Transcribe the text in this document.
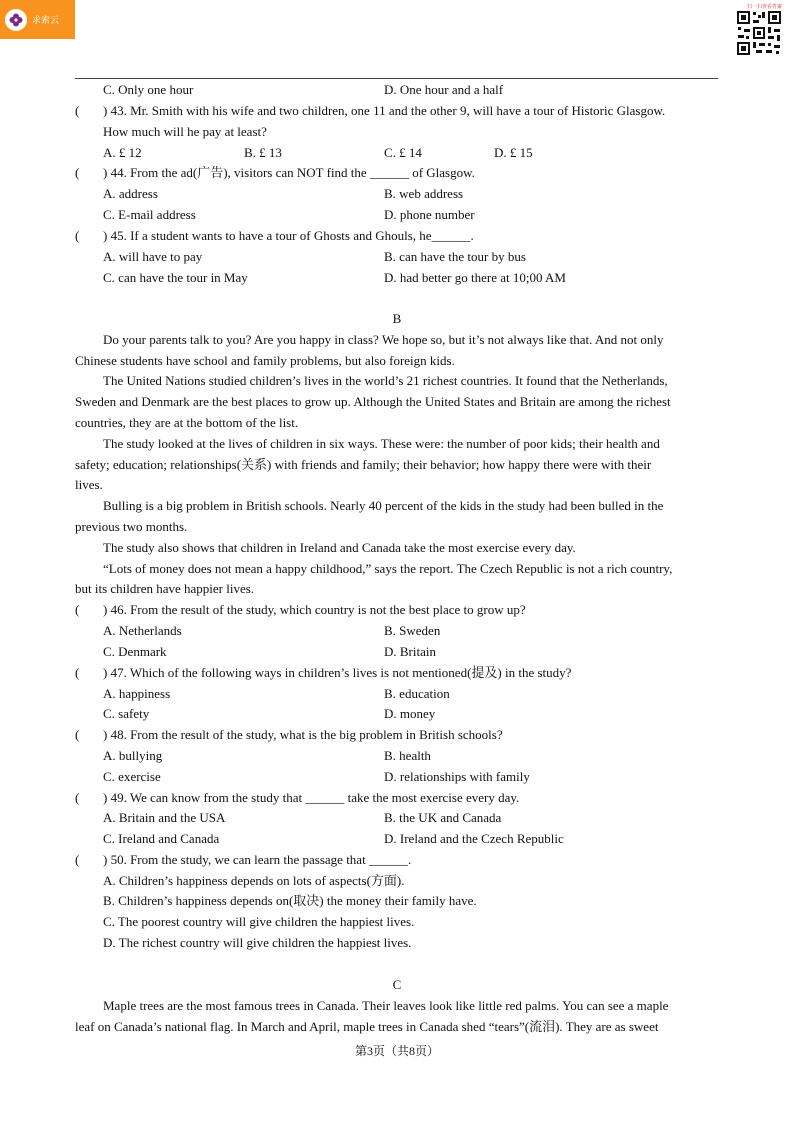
求索云
扫一扫查看答案
C. Only one hour	D. One hour and a half
( ) 43. Mr. Smith with his wife and two children, one 11 and the other 9, will have a tour of Historic Glasgow.
How much will he pay at least?
A. £ 12	B. £ 13	C. £ 14	D. £ 15
( ) 44. From the ad(广告), visitors can NOT find the ______ of Glasgow.
A. address	B. web address
C. E-mail address	D. phone number
( ) 45. If a student wants to have a tour of Ghosts and Ghouls, he______.
A. will have to pay	B. can have the tour by bus
C. can have the tour in May	D. had better go there at 10;00 AM
B
Do your parents talk to you? Are you happy in class? We hope so, but it’s not always like that. And not only
Chinese students have school and family problems, but also foreign kids.
The United Nations studied children’s lives in the world’s 21 richest countries. It found that the Netherlands,
Sweden and Denmark are the best places to grow up. Although the United States and Britain are among the richest
countries, they are at the bottom of the list.
The study looked at the lives of children in six ways. These were: the number of poor kids; their health and
safety; education; relationships(关系) with friends and family; their behavior; how happy there were with their
lives.
Bulling is a big problem in British schools. Nearly 40 percent of the kids in the study had been bulled in the
previous two months.
The study also shows that children in Ireland and Canada take the most exercise every day.
“Lots of money does not mean a happy childhood,” says the report. The Czech Republic is not a rich country,
but its children have happier lives.
( ) 46. From the result of the study, which country is not the best place to grow up?
A. Netherlands	B. Sweden
C. Denmark	D. Britain
( ) 47. Which of the following ways in children’s lives is not mentioned(提及) in the study?
A. happiness	B. education
C. safety	D. money
( ) 48. From the result of the study, what is the big problem in British schools?
A. bullying	B. health
C. exercise	D. relationships with family
( ) 49. We can know from the study that ______ take the most exercise every day.
A. Britain and the USA	B. the UK and Canada
C. Ireland and Canada	D. Ireland and the Czech Republic
( ) 50. From the study, we can learn the passage that ______.
A. Children’s happiness depends on lots of aspects(方面).
B. Children’s happiness depends on(取决) the money their family have.
C. The poorest country will give children the happiest lives.
D. The richest country will give children the happiest lives.
C
Maple trees are the most famous trees in Canada. Their leaves look like little red palms. You can see a maple
leaf on Canada’s national flag. In March and April, maple trees in Canada shed “tears”(流泪). They are as sweet
第3页（共8页）
